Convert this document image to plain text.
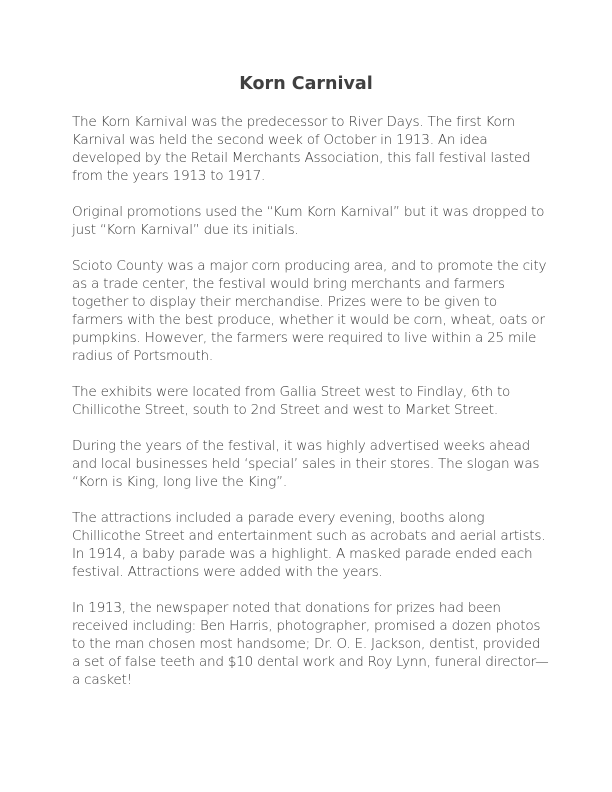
Korn Carnival

The Korn Karnival was the predecessor to River Days. The first Korn Karnival was held the second week of October in 1913. An idea developed by the Retail Merchants Association, this fall festival lasted from the years 1913 to 1917.

Original promotions used the “Kum Korn Karnival” but it was dropped to just “Korn Karnival” due its initials.

Scioto County was a major corn producing area, and to promote the city as a trade center, the festival would bring merchants and farmers together to display their merchandise. Prizes were to be given to farmers with the best produce, whether it would be corn, wheat, oats or pumpkins. However, the farmers were required to live within a 25 mile radius of Portsmouth.

The exhibits were located from Gallia Street west to Findlay, 6th to Chillicothe Street, south to 2nd Street and west to Market Street.

During the years of the festival, it was highly advertised weeks ahead and local businesses held ‘special’ sales in their stores. The slogan was “Korn is King, long live the King”.

The attractions included a parade every evening, booths along Chillicothe Street and entertainment such as acrobats and aerial artists. In 1914, a baby parade was a highlight. A masked parade ended each festival. Attractions were added with the years.

In 1913, the newspaper noted that donations for prizes had been received including: Ben Harris, photographer, promised a dozen photos to the man chosen most handsome; Dr. O. E. Jackson, dentist, provided a set of false teeth and $10 dental work and Roy Lynn, funeral director— a casket!
